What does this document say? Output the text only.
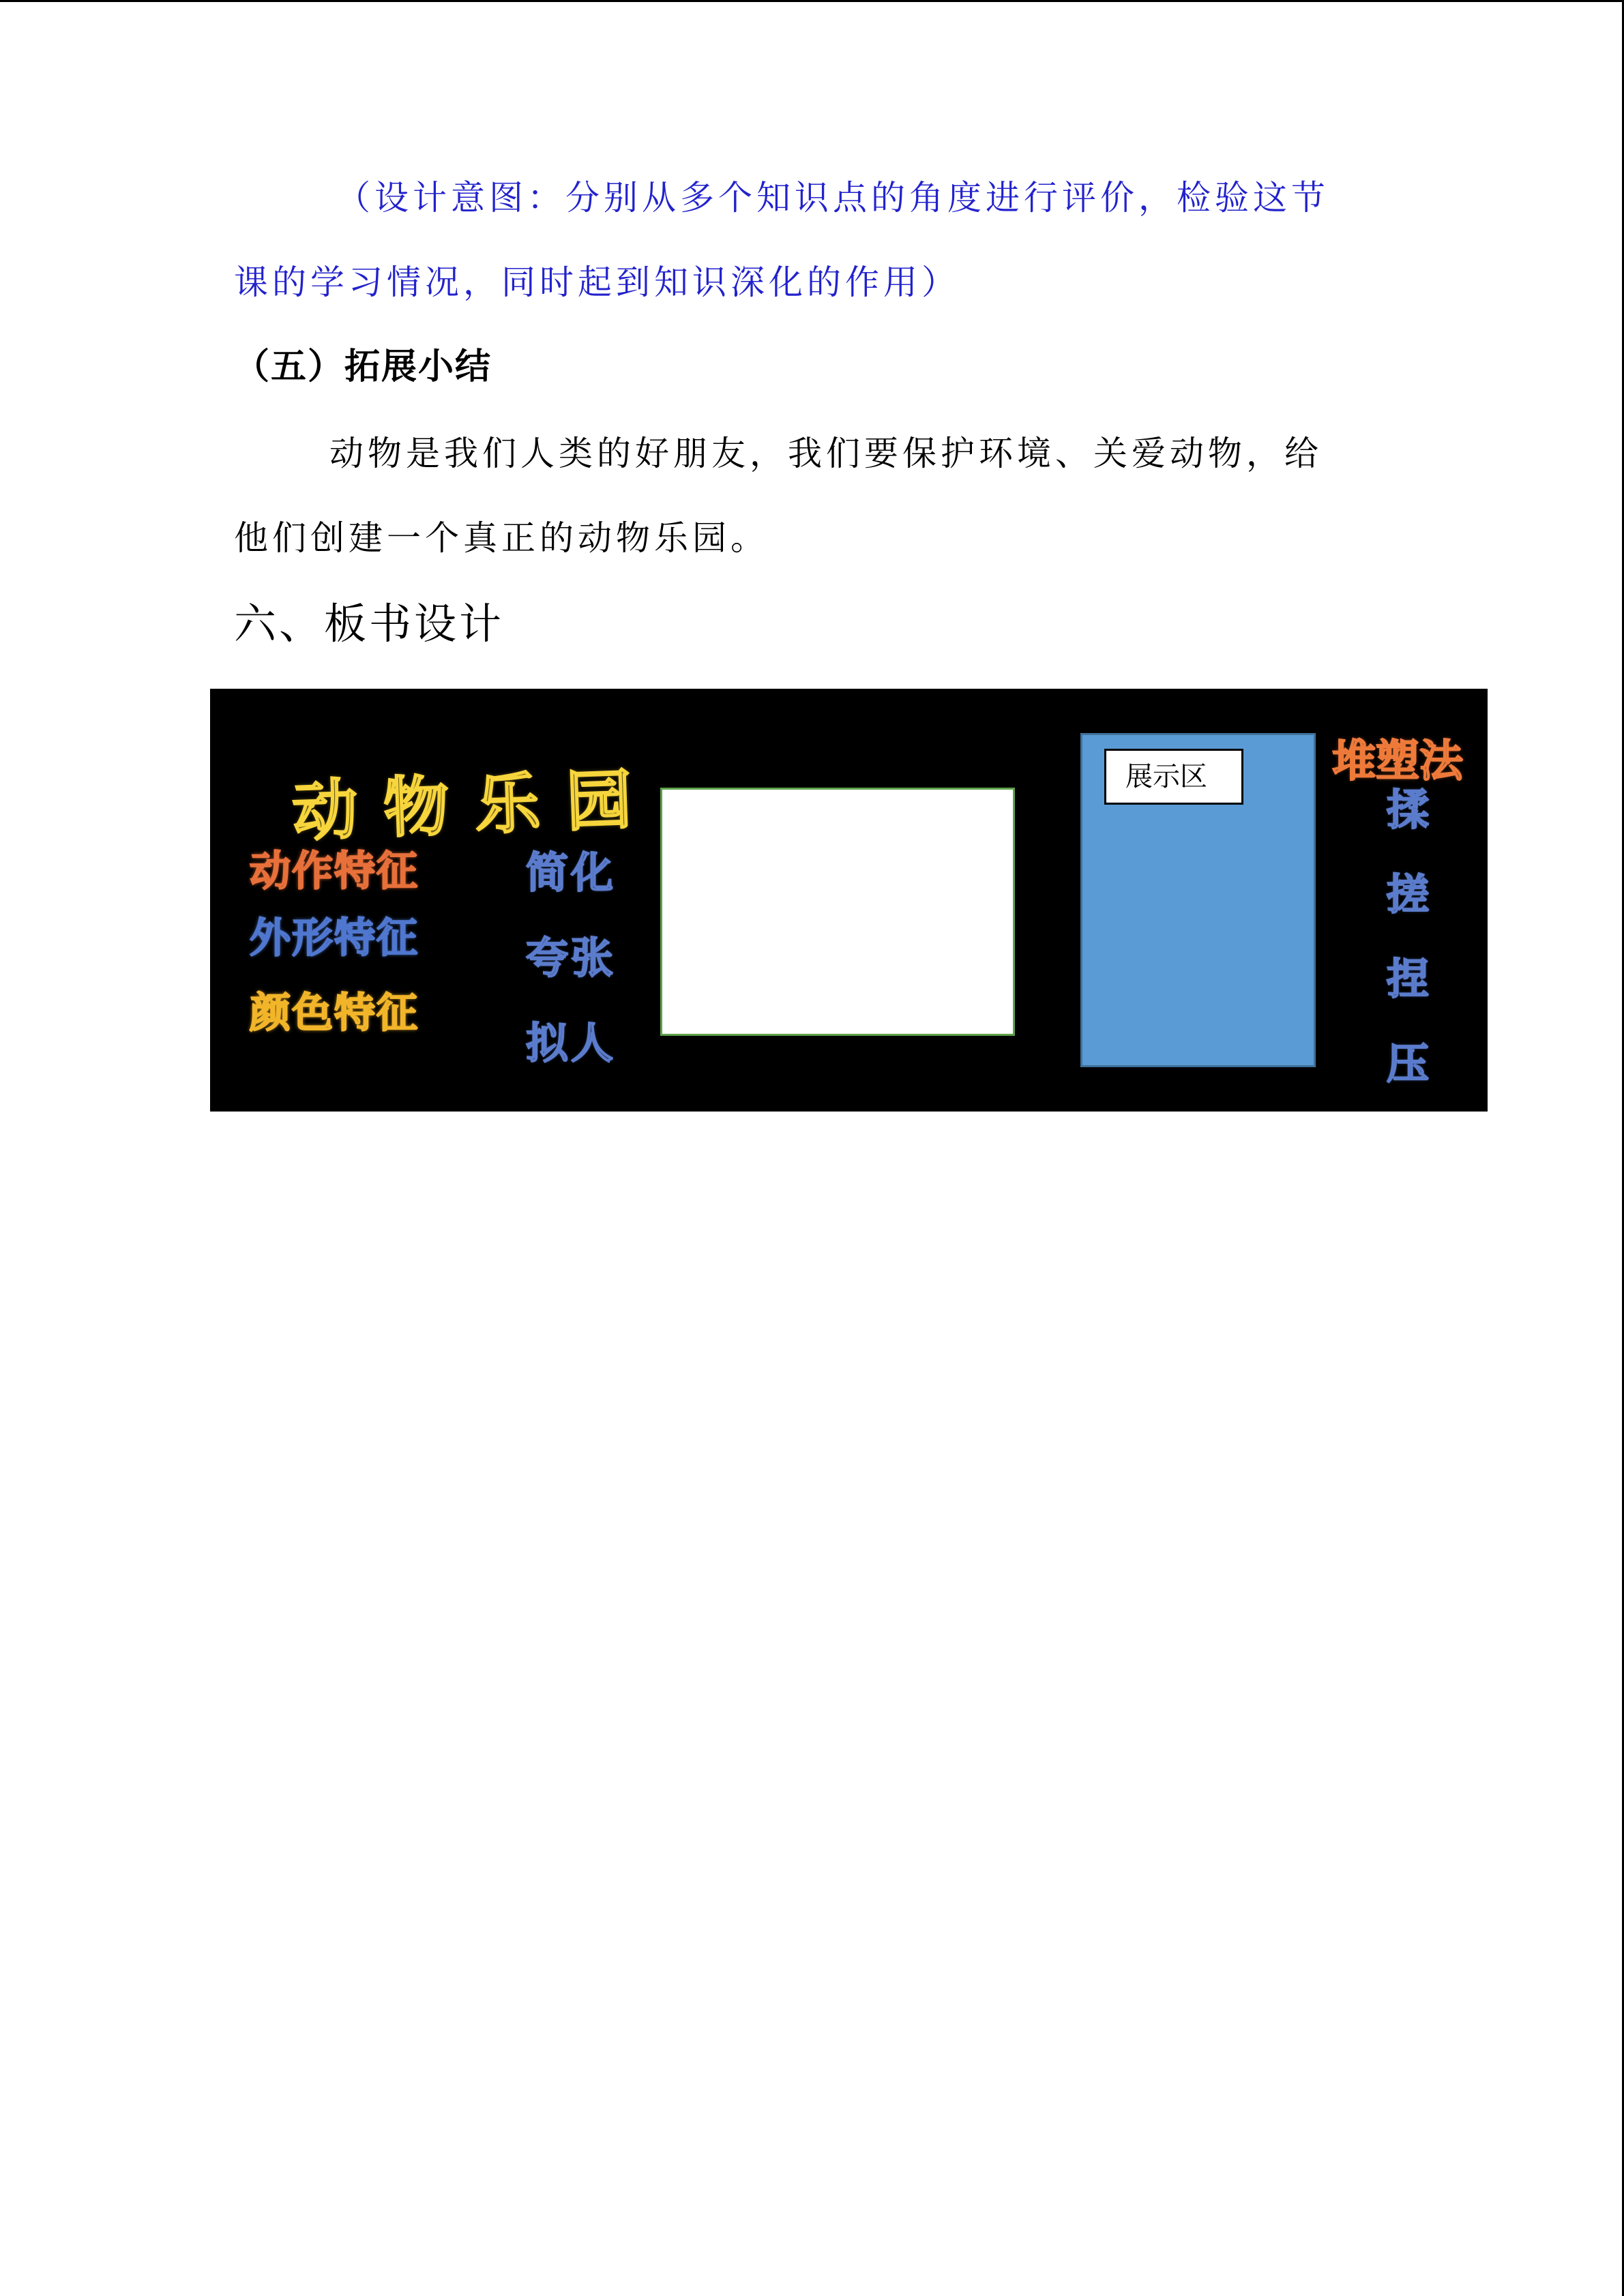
（设计意图：分别从多个知识点的角度进行评价，检验这节课的学习情况，同时起到知识深化的作用）

（五）拓展小结

动物是我们人类的好朋友，我们要保护环境、关爱动物，给他们创建一个真正的动物乐园。

六、板书设计

动物乐园
动作特征
外形特征
颜色特征
简化
夸张
拟人
展示区	堆塑法
揉
搓
捏
压
